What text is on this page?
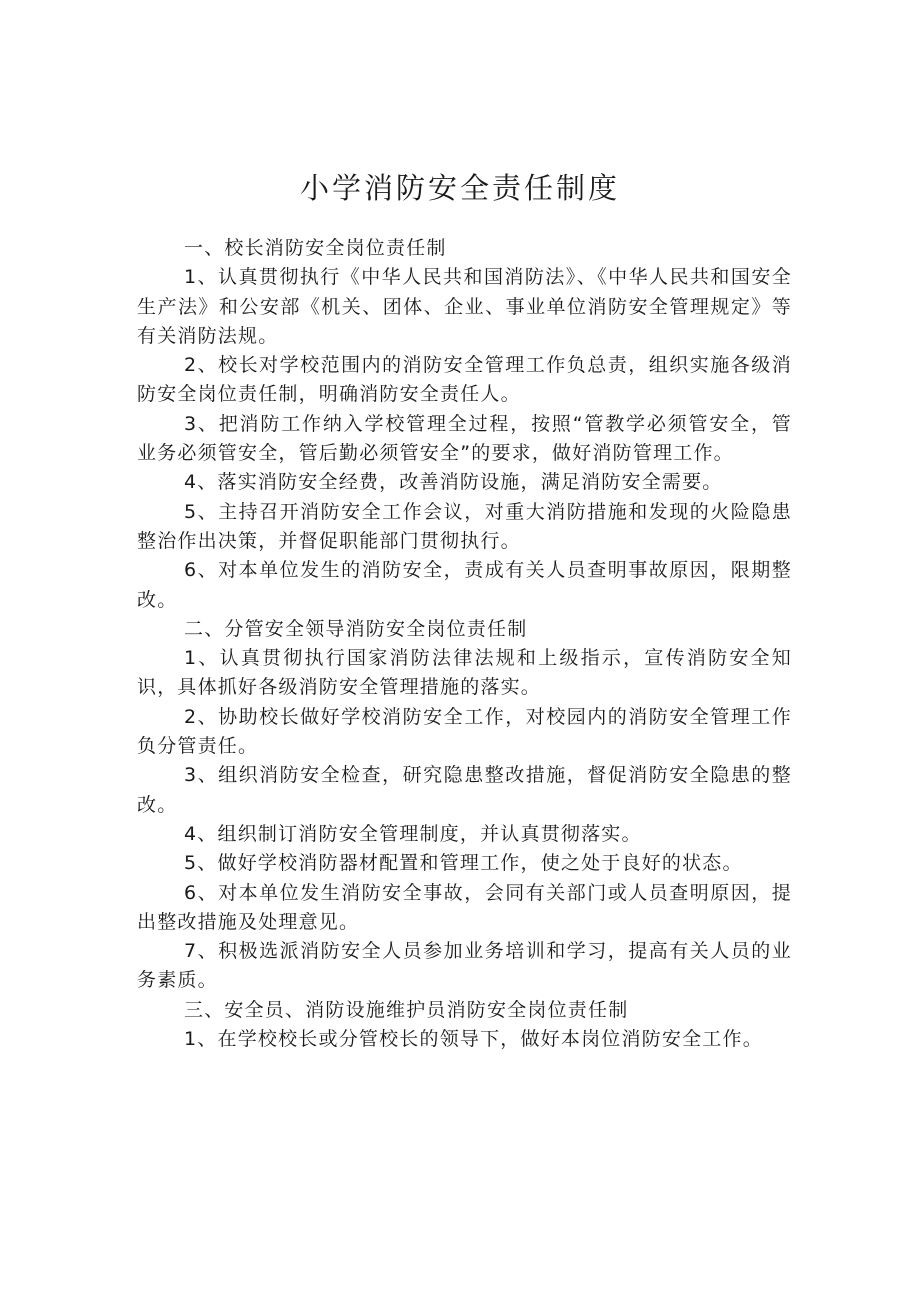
小学消防安全责任制度

一、校长消防安全岗位责任制

1、认真贯彻执行《中华人民共和国消防法》、《中华人民共和国安全生产法》和公安部《机关、团体、企业、事业单位消防安全管理规定》等有关消防法规。

2、校长对学校范围内的消防安全管理工作负总责，组织实施各级消防安全岗位责任制，明确消防安全责任人。

3、把消防工作纳入学校管理全过程，按照“管教学必须管安全，管业务必须管安全，管后勤必须管安全”的要求，做好消防管理工作。

4、落实消防安全经费，改善消防设施，满足消防安全需要。

5、主持召开消防安全工作会议，对重大消防措施和发现的火险隐患整治作出决策，并督促职能部门贯彻执行。

6、对本单位发生的消防安全，责成有关人员查明事故原因，限期整改。

二、分管安全领导消防安全岗位责任制

1、认真贯彻执行国家消防法律法规和上级指示，宣传消防安全知识，具体抓好各级消防安全管理措施的落实。

2、协助校长做好学校消防安全工作，对校园内的消防安全管理工作负分管责任。

3、组织消防安全检查，研究隐患整改措施，督促消防安全隐患的整改。

4、组织制订消防安全管理制度，并认真贯彻落实。

5、做好学校消防器材配置和管理工作，使之处于良好的状态。

6、对本单位发生消防安全事故，会同有关部门或人员查明原因，提出整改措施及处理意见。

7、积极选派消防安全人员参加业务培训和学习，提高有关人员的业务素质。

三、安全员、消防设施维护员消防安全岗位责任制

1、在学校校长或分管校长的领导下，做好本岗位消防安全工作。
